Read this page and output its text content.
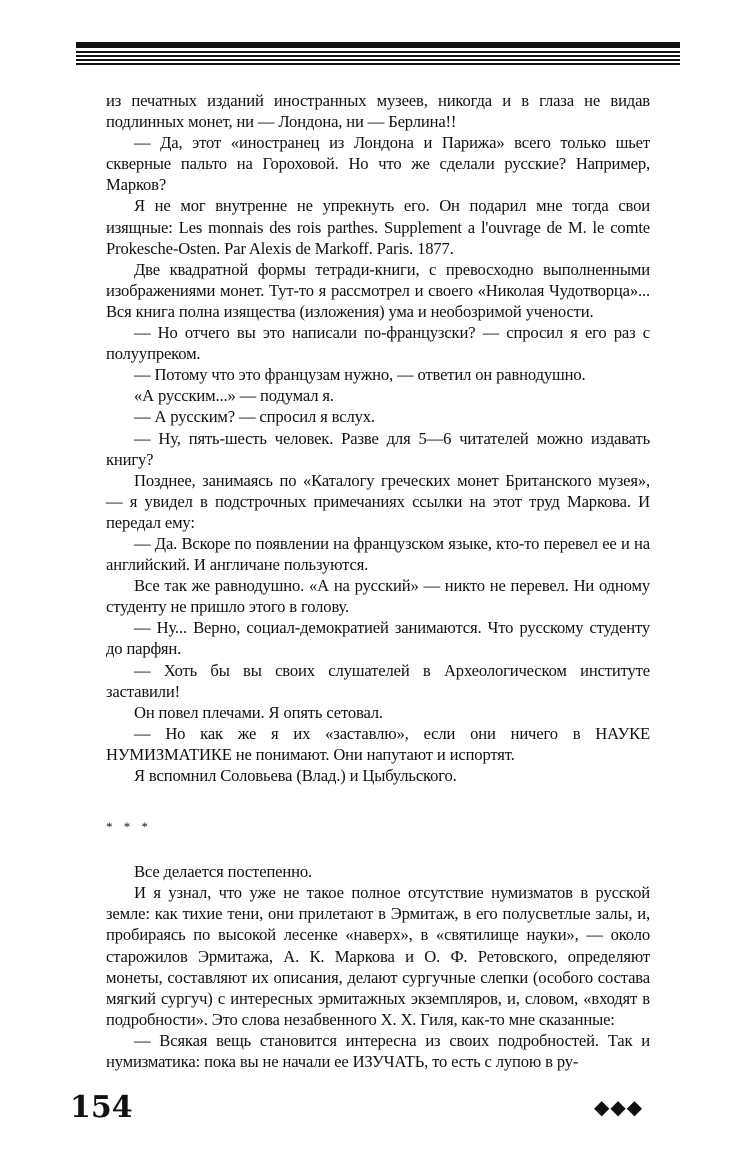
из печатных изданий иностранных музеев, никогда и в глаза не видав подлинных монет, ни — Лондона, ни — Берлина!!

— Да, этот «иностранец из Лондона и Парижа» всего только шьет скверные пальто на Гороховой. Но что же сделали русские? Например, Марков?

Я не мог внутренне не упрекнуть его. Он подарил мне тогда свои изящные: Les monnais des rois parthes. Supplement a l'ouvrage de M. le comte Prokesche-Osten. Par Alexis de Markoff. Paris. 1877.

Две квадратной формы тетради-книги, с превосходно выполненными изображениями монет. Тут-то я рассмотрел и своего «Николая Чудотворца»... Вся книга полна изящества (изложения) ума и необозримой учености.

— Но отчего вы это написали по-французски? — спросил я его раз с полуупреком.

— Потому что это французам нужно, — ответил он равнодушно.

«А русским...» — подумал я.

— А русским? — спросил я вслух.

— Ну, пять-шесть человек. Разве для 5—6 читателей можно издавать книгу?

Позднее, занимаясь по «Каталогу греческих монет Британского музея», — я увидел в подстрочных примечаниях ссылки на этот труд Маркова. И передал ему:

— Да. Вскоре по появлении на французском языке, кто-то перевел ее и на английский. И англичане пользуются.

Все так же равнодушно. «А на русский» — никто не перевел. Ни одному студенту не пришло этого в голову.

— Ну... Верно, социал-демократией занимаются. Что русскому студенту до парфян.

— Хоть бы вы своих слушателей в Археологическом институте заставили!

Он повел плечами. Я опять сетовал.

— Но как же я их «заставлю», если они ничего в НАУКЕ НУМИЗМАТИКЕ не понимают. Они напутают и испортят.

Я вспомнил Соловьева (Влад.) и Цыбульского.

* * *

Все делается постепенно.

И я узнал, что уже не такое полное отсутствие нумизматов в русской земле: как тихие тени, они прилетают в Эрмитаж, в его полусветлые залы, и, пробираясь по высокой лесенке «наверх», в «святилище науки», — около старожилов Эрмитажа, А. К. Маркова и О. Ф. Ретовского, определяют монеты, составляют их описания, делают сургучные слепки (особого состава мягкий сургуч) с интересных эрмитажных экземпляров, и, словом, «входят в подробности». Это слова незабвенного Х. Х. Гиля, как-то мне сказанные:

— Всякая вещь становится интересна из своих подробностей. Так и нумизматика: пока вы не начали ее ИЗУЧАТЬ, то есть с лупою в ру-

154	◆◆◆
